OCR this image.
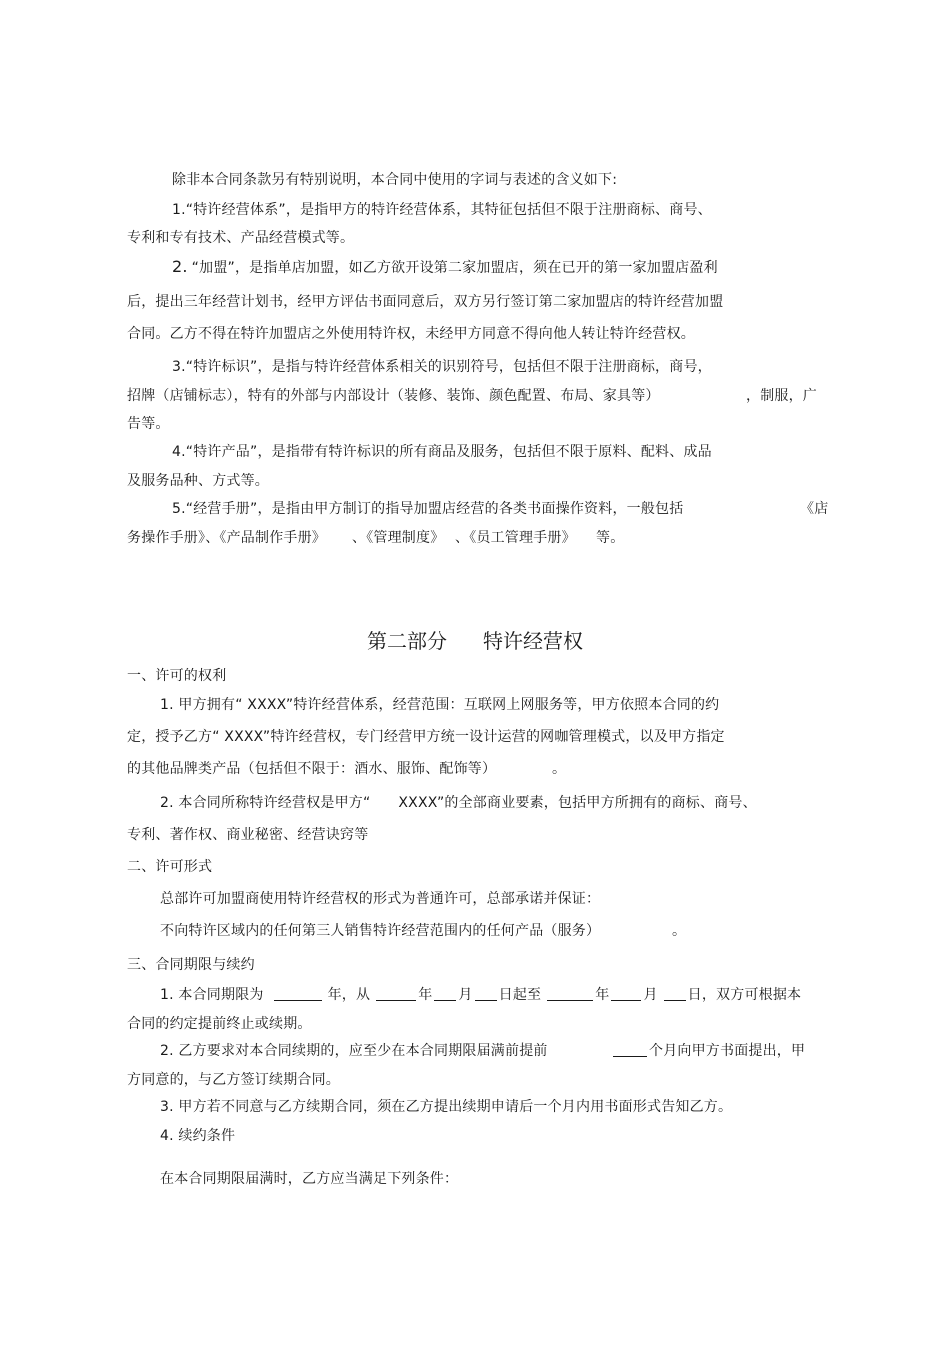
除非本合同条款另有特别说明，本合同中使用的字词与表述的含义如下:
1.“特许经营体系”，是指甲方的特许经营体系，其特征包括但不限于注册商标、商号、
专利和专有技术、产品经营模式等。
2. “加盟”，是指单店加盟，如乙方欲开设第二家加盟店，须在已开的第一家加盟店盈利
后，提出三年经营计划书，经甲方评估书面同意后，双方另行签订第二家加盟店的特许经营加盟
合同。乙方不得在特许加盟店之外使用特许权，未经甲方同意不得向他人转让特许经营权。
3.“特许标识”，是指与特许经营体系相关的识别符号，包括但不限于注册商标，商号，
招牌（店铺标志），特有的外部与内部设计（装修、装饰、颜色配置、布局、家具等）	，制服，广
告等。
4.“特许产品”，是指带有特许标识的所有商品及服务，包括但不限于原料、配料、成品
及服务品种、方式等。
5.“经营手册”，是指由甲方制订的指导加盟店经营的各类书面操作资料，一般包括	《店
务操作手册》、《产品制作手册》 、《管理制度》 、《员工管理手册》 等。
第二部分 特许经营权
一、许可的权利
1. 甲方拥有“ XXXX”特许经营体系，经营范围：互联网上网服务等，甲方依照本合同的约
定，授予乙方“ XXXX”特许经营权，专门经营甲方统一设计运营的网咖管理模式，以及甲方指定
的其他品牌类产品（包括但不限于：酒水、服饰、配饰等）	。
2. 本合同所称特许经营权是甲方“      XXXX”的全部商业要素，包括甲方所拥有的商标、商号、
专利、著作权、商业秘密、经营诀窍等
二、许可形式
总部许可加盟商使用特许经营权的形式为普通许可，总部承诺并保证：
不向特许区域内的任何第三人销售特许经营范围内的任何产品（服务）	。
三、合同期限与续约
1. 本合同期限为	年，从	年 月 日起至	年 月 日，双方可根据本
合同的约定提前终止或续期。
2. 乙方要求对本合同续期的，应至少在本合同期限届满前提前	个月向甲方书面提出，甲
方同意的，与乙方签订续期合同。
3. 甲方若不同意与乙方续期合同，须在乙方提出续期申请后一个月内用书面形式告知乙方。
4. 续约条件
在本合同期限届满时，乙方应当满足下列条件：
